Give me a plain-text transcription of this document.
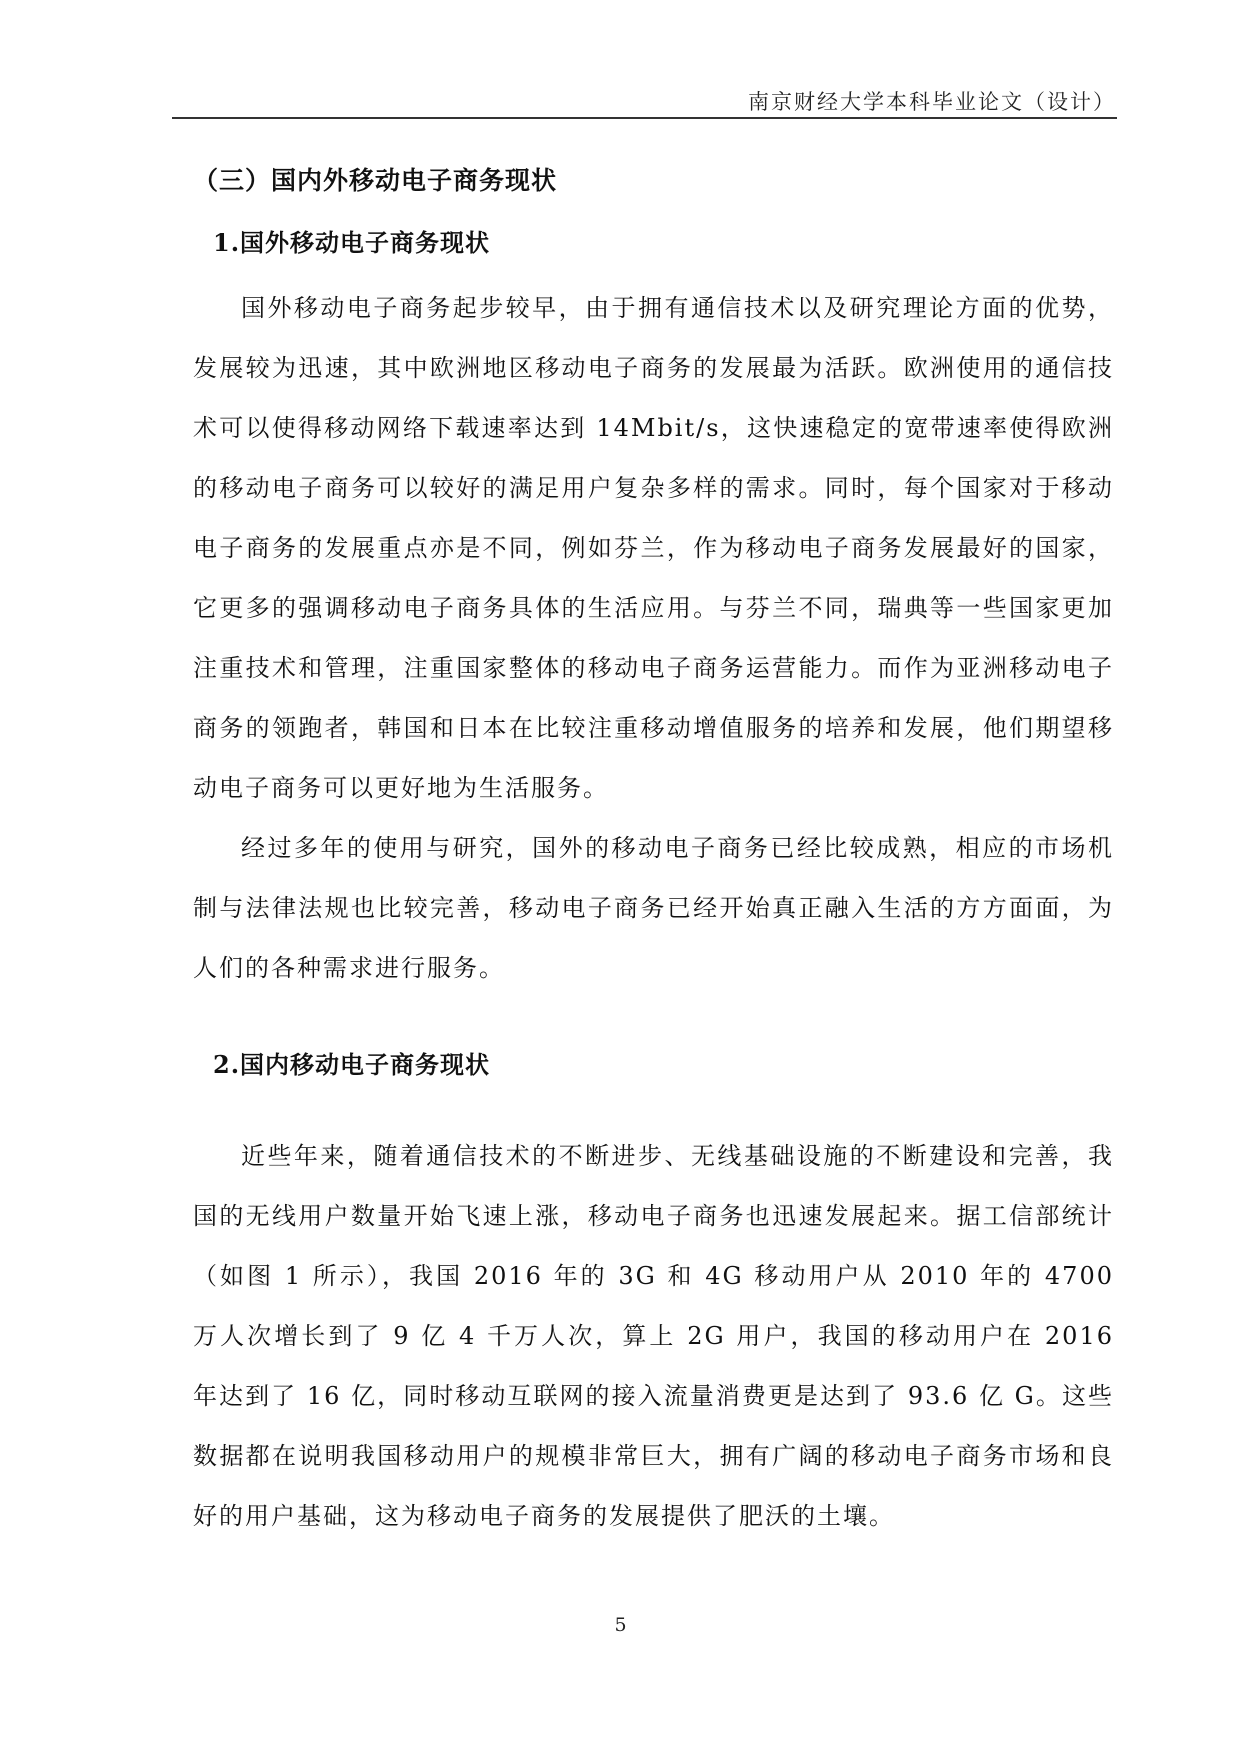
南京财经大学本科毕业论文（设计）
（三）国内外移动电子商务现状
1.国外移动电子商务现状

国外移动电子商务起步较早，由于拥有通信技术以及研究理论方面的优势，发展较为迅速，其中欧洲地区移动电子商务的发展最为活跃。欧洲使用的通信技术可以使得移动网络下载速率达到 14Mbit/s，这快速稳定的宽带速率使得欧洲的移动电子商务可以较好的满足用户复杂多样的需求。同时，每个国家对于移动电子商务的发展重点亦是不同，例如芬兰，作为移动电子商务发展最好的国家，它更多的强调移动电子商务具体的生活应用。与芬兰不同，瑞典等一些国家更加注重技术和管理，注重国家整体的移动电子商务运营能力。而作为亚洲移动电子商务的领跑者，韩国和日本在比较注重移动增值服务的培养和发展，他们期望移动电子商务可以更好地为生活服务。

经过多年的使用与研究，国外的移动电子商务已经比较成熟，相应的市场机制与法律法规也比较完善，移动电子商务已经开始真正融入生活的方方面面，为人们的各种需求进行服务。

2.国内移动电子商务现状

近些年来，随着通信技术的不断进步、无线基础设施的不断建设和完善，我国的无线用户数量开始飞速上涨，移动电子商务也迅速发展起来。据工信部统计（如图 1 所示），我国 2016 年的 3G 和 4G 移动用户从 2010 年的 4700 万人次增长到了 9 亿 4 千万人次，算上 2G 用户，我国的移动用户在 2016 年达到了 16 亿，同时移动互联网的接入流量消费更是达到了 93.6 亿 G。这些数据都在说明我国移动用户的规模非常巨大，拥有广阔的移动电子商务市场和良好的用户基础，这为移动电子商务的发展提供了肥沃的土壤。

5
